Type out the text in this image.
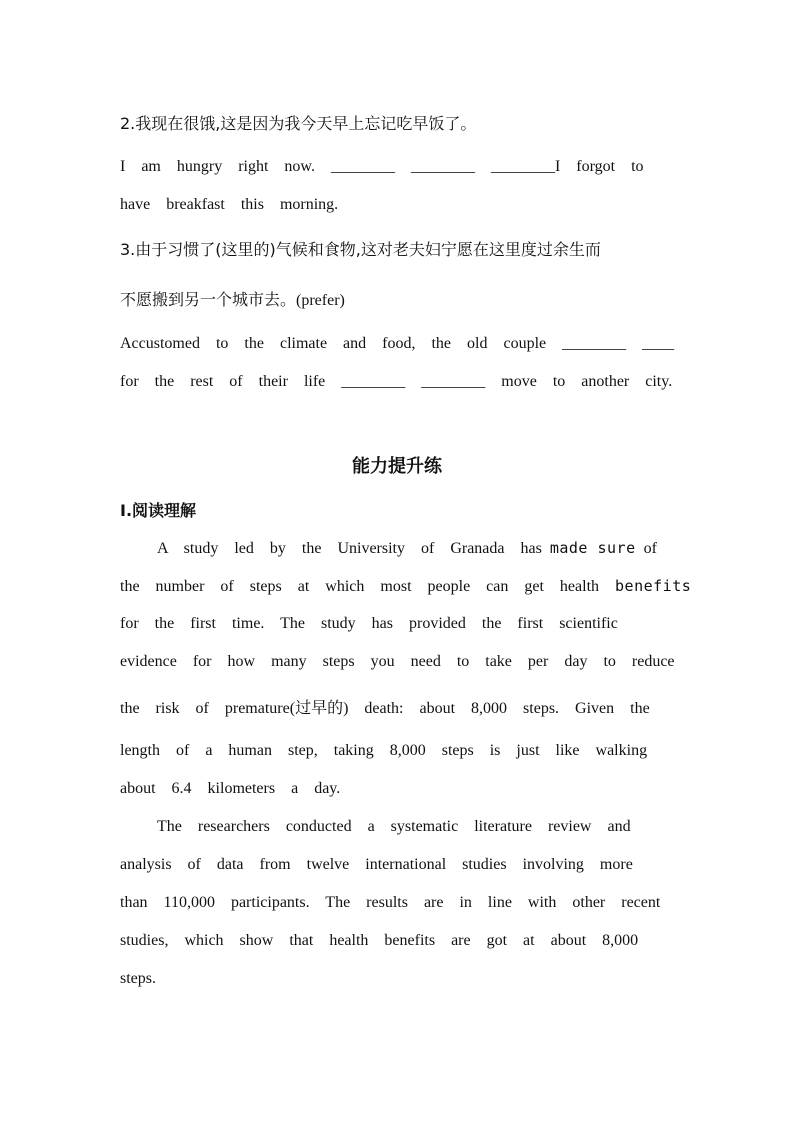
2.我现在很饿,这是因为我今天早上忘记吃早饭了。
I  am  hungry  right  now.  ________  ________  ________I  forgot  to
have  breakfast  this  morning.
3.由于习惯了(这里的)气候和食物,这对老夫妇宁愿在这里度过余生而
不愿搬到另一个城市去。(prefer)
Accustomed  to  the  climate  and  food,  the  old  couple  ________  ____
for  the  rest  of  their  life  ________  ________  move  to  another  city.
能力提升练
Ⅰ.阅读理解
A  study  led  by  the  University  of  Granada  has made sure of
the  number  of  steps  at  which  most  people  can  get  health  benefits
for  the  first  time.  The  study  has  provided  the  first  scientific
evidence  for  how  many  steps  you  need  to  take  per  day  to  reduce
the  risk  of  premature(过早的)  death:  about  8,000  steps.  Given  the
length  of  a  human  step,  taking  8,000  steps  is  just  like  walking
about  6.4  kilometers  a  day.
The  researchers  conducted  a  systematic  literature  review  and
analysis  of  data  from  twelve  international  studies  involving  more
than  110,000  participants.  The  results  are  in  line  with  other  recent
studies,  which  show  that  health  benefits  are  got  at  about  8,000
steps.
